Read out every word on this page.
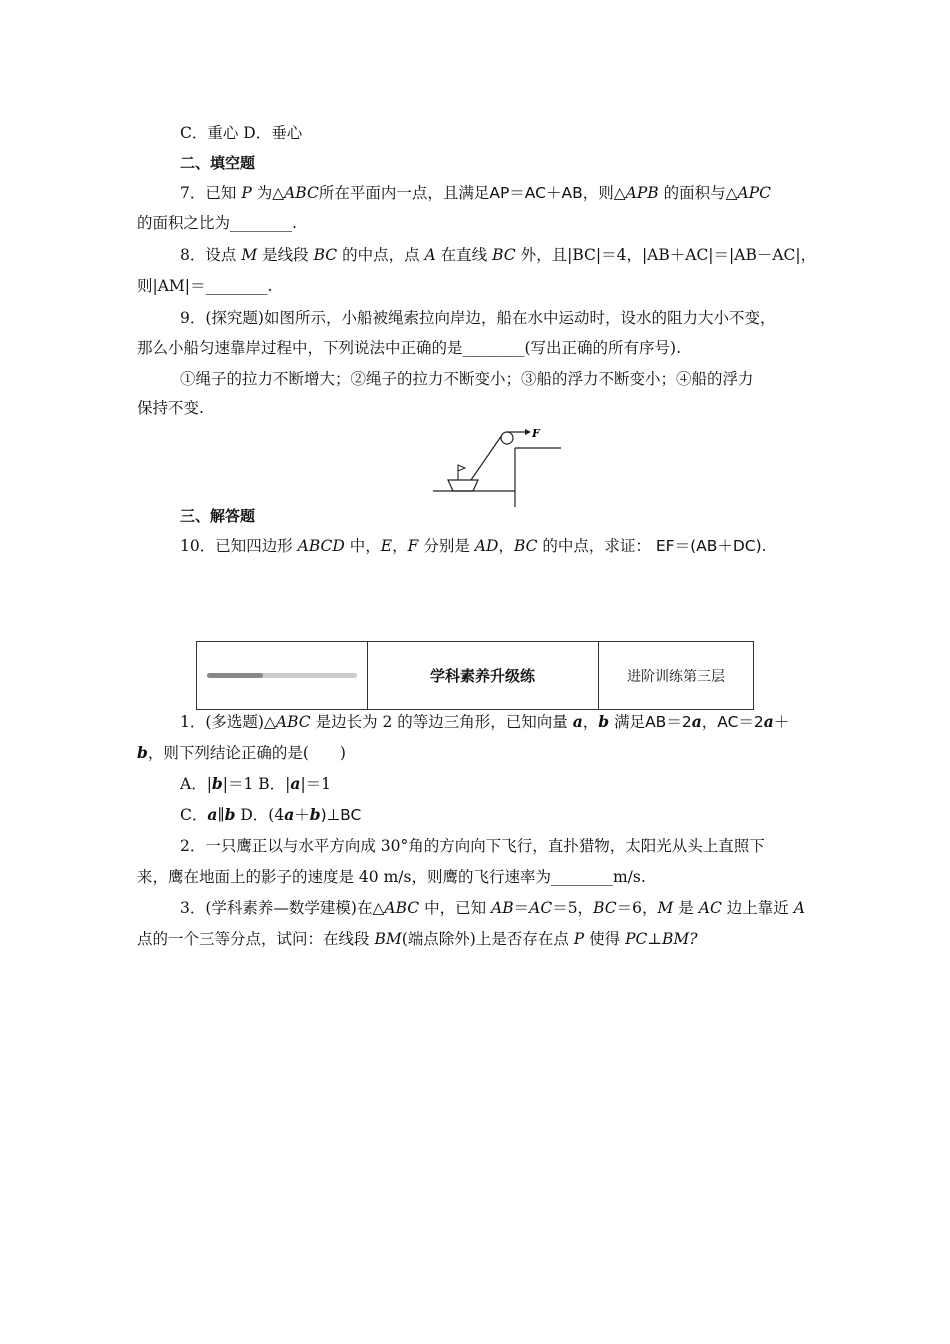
C．重心 D．垂心
二、填空题
7．已知 P 为△ABC所在平面内一点，且满足AP＝AC＋AB，则△APB 的面积与△APC
的面积之比为________.
8．设点 M 是线段 BC 的中点，点 A 在直线 BC 外，且|BC|＝4，|AB＋AC|＝|AB－AC|，
则|AM|＝________.
9．(探究题)如图所示，小船被绳索拉向岸边，船在水中运动时，设水的阻力大小不变，
那么小船匀速靠岸过程中，下列说法中正确的是________(写出正确的所有序号).
①绳子的拉力不断增大；②绳子的拉力不断变小；③船的浮力不断变小；④船的浮力
保持不变.
F
三、解答题
10．已知四边形 ABCD 中，E，F 分别是 AD，BC 的中点，求证： EF＝(AB＋DC).
学科素养升级练	进阶训练第三层
1．(多选题)△ABC 是边长为 2 的等边三角形，已知向量 a，b 满足AB＝2a，AC＝2a＋
b，则下列结论正确的是(　　)
A．|b|＝1 B．|a|＝1
C．a∥b D．(4a＋b)⊥BC
2．一只鹰正以与水平方向成 30°角的方向向下飞行，直扑猎物，太阳光从头上直照下
来，鹰在地面上的影子的速度是 40 m/s，则鹰的飞行速率为________m/s.
3．(学科素养—数学建模)在△ABC 中，已知 AB＝AC＝5，BC＝6，M 是 AC 边上靠近 A
点的一个三等分点，试问：在线段 BM(端点除外)上是否存在点 P 使得 PC⊥BM?
